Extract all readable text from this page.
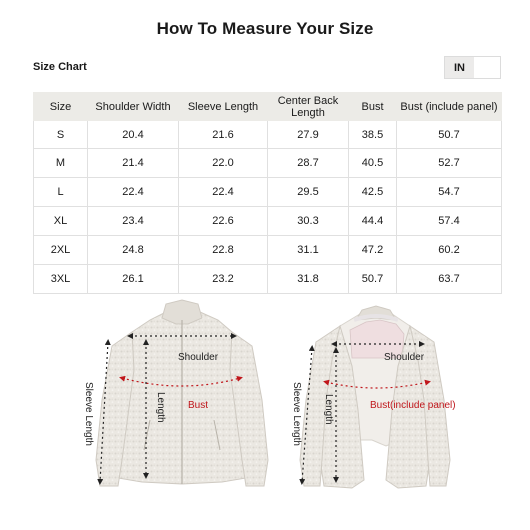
How To Measure Your Size
Size Chart	IN
Size	Shoulder Width	Sleeve Length	Center Back Length	Bust	Bust (include panel)
S	20.4	21.6	27.9	38.5	50.7
M	21.4	22.0	28.7	40.5	52.7
L	22.4	22.4	29.5	42.5	54.7
XL	23.4	22.6	30.3	44.4	57.4
2XL	24.8	22.8	31.1	47.2	60.2
3XL	26.1	23.2	31.8	50.7	63.7
Shoulder
Bust
Length
Sleeve Length
Shoulder
Bust(include panel)
Length
Sleeve Length
